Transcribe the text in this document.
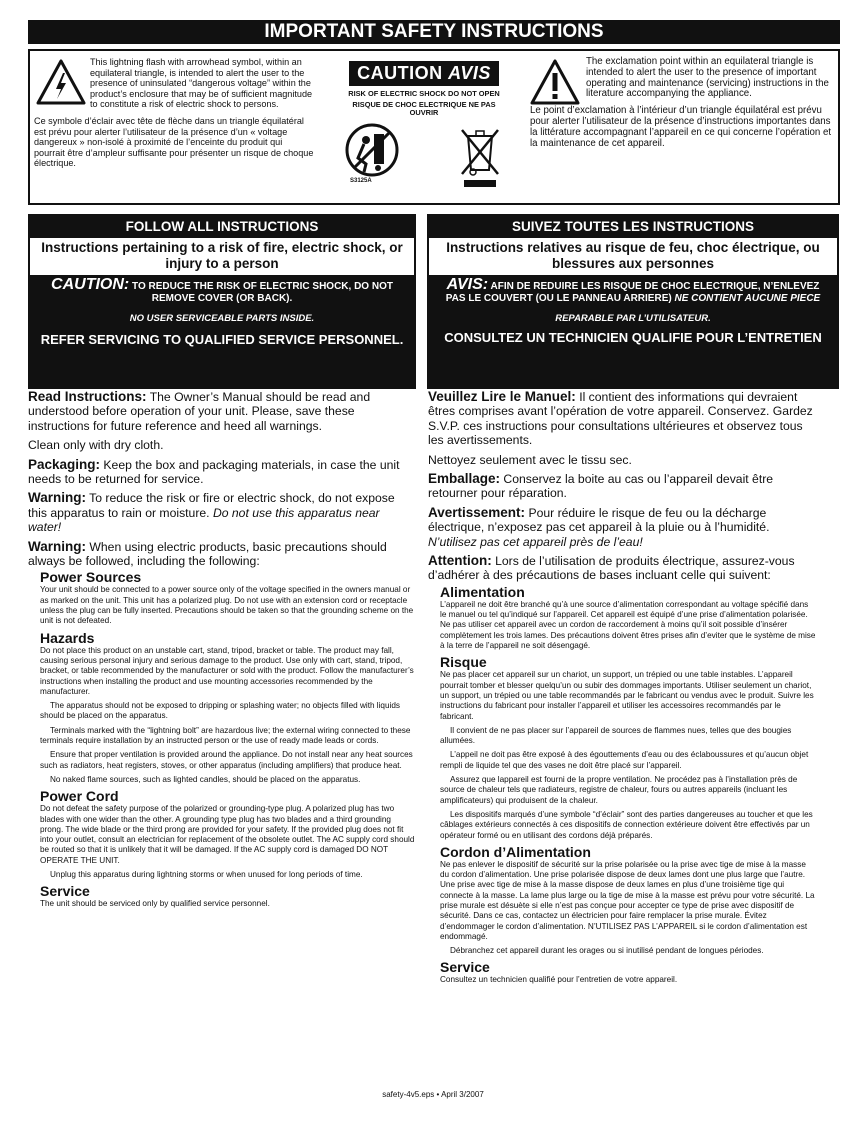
IMPORTANT SAFETY INSTRUCTIONS

This lightning flash with arrowhead symbol, within an equilateral triangle, is intended to alert the user to the presence of uninsulated “dangerous voltage” within the product’s enclosure that may be of sufficient magnitude to constitute a risk of electric shock to persons.

Ce symbole d’éclair avec tête de flèche dans un triangle équilatéral est prévu pour alerter l’utilisateur de la présence d’un « voltage dangereux » non-isolé à proximité de l’enceinte du produit qui pourrait être d’ampleur suffisante pour présenter un risque de choque électrique.

CAUTION AVIS
RISK OF ELECTRIC SHOCK DO NOT OPEN
RISQUE DE CHOC ELECTRIQUE NE PAS OUVRIR
S3125A

The exclamation point within an equilateral triangle is intended to alert the user to the presence of important operating and maintenance (servicing) instructions in the literature accompanying the appliance.

Le point d’exclamation à l’intérieur d’un triangle équilatéral est prévu pour alerter l’utilisateur de la présence d’instructions importantes dans la littérature accompagnant l’appareil en ce qui concerne l’opération et la maintenance de cet appareil.

FOLLOW ALL INSTRUCTIONS
Instructions pertaining to a risk of fire, electric shock, or injury to a person
CAUTION: TO REDUCE THE RISK OF ELECTRIC SHOCK, DO NOT REMOVE COVER (OR BACK).
NO USER SERVICEABLE PARTS INSIDE.
REFER SERVICING TO QUALIFIED SERVICE PERSONNEL.
SUIVEZ TOUTES LES INSTRUCTIONS
Instructions relatives au risque de feu, choc électrique, ou blessures aux personnes
AVIS: AFIN DE REDUIRE LES RISQUE DE CHOC ELECTRIQUE, N’ENLEVEZ PAS LE COUVERT (OU LE PANNEAU ARRIERE) NE CONTIENT AUCUNE PIECE
REPARABLE PAR L’UTILISATEUR.
CONSULTEZ UN TECHNICIEN QUALIFIE POUR L’ENTRETIEN

Read Instructions: The Owner’s Manual should be read and understood before operation of your unit. Please, save these instructions for future reference and heed all warnings.

Clean only with dry cloth.

Packaging: Keep the box and packaging materials, in case the unit needs to be returned for service.

Warning: To reduce the risk or fire or electric shock, do not expose this apparatus to rain or moisture. Do not use this apparatus near water!

Warning: When using electric products, basic precautions should always be followed, including the following:

Power Sources

Your unit should be connected to a power source only of the voltage specified in the owners manual or as marked on the unit. This unit has a polarized plug. Do not use with an extension cord or receptacle unless the plug can be fully inserted. Precautions should be taken so that the grounding scheme on the unit is not defeated.

Hazards

Do not place this product on an unstable cart, stand, tripod, bracket or table. The product may fall, causing serious personal injury and serious damage to the product. Use only with cart, stand, tripod, bracket, or table recommended by the manufacturer or sold with the product. Follow the manufacturer’s instructions when installing the product and use mounting accessories recommended by the manufacturer.

The apparatus should not be exposed to dripping or splashing water; no objects filled with liquids should be placed on the apparatus.

Terminals marked with the “lightning bolt” are hazardous live; the external wiring connected to these terminals require installation by an instructed person or the use of ready made leads or cords.

Ensure that proper ventilation is provided around the appliance. Do not install near any heat sources such as radiators, heat registers, stoves, or other apparatus (including amplifiers) that produce heat.

No naked flame sources, such as lighted candles, should be placed on the apparatus.

Power Cord

Do not defeat the safety purpose of the polarized or grounding-type plug. A polarized plug has two blades with one wider than the other. A grounding type plug has two blades and a third grounding prong. The wide blade or the third prong are provided for your safety. If the provided plug does not fit into your outlet, consult an electrician for replacement of the obsolete outlet. The AC supply cord should be routed so that it is unlikely that it will be damaged. If the AC supply cord is damaged DO NOT OPERATE THE UNIT.

Unplug this apparatus during lightning storms or when unused for long periods of time.

Service

The unit should be serviced only by qualified service personnel.

Veuillez Lire le Manuel: Il contient des informations qui devraient êtres comprises avant l’opération de votre appareil. Conservez. Gardez S.V.P. ces instructions pour consultations ultérieures et observez tous les avertissements.

Nettoyez seulement avec le tissu sec.

Emballage: Conservez la boite au cas ou l’appareil devait être retourner pour réparation.

Avertissement: Pour réduire le risque de feu ou la décharge électrique, n’exposez pas cet appareil à la pluie ou à l’humidité. N’utilisez pas cet appareil près de l’eau!

Attention: Lors de l’utilisation de produits électrique, assurez-vous d’adhérer à des précautions de bases incluant celle qui suivent:

Alimentation

L’appareil ne doit être branché qu’à une source d’alimentation correspondant au voltage spécifié dans le manuel ou tel qu’indiqué sur l’appareil. Cet appareil est équipé d’une prise d’alimentation polarisée. Ne pas utiliser cet appareil avec un cordon de raccordement à moins qu’il soit possible d’insérer complètement les trois lames. Des précautions doivent êtres prises afin d’eviter que le système de mise à la terre de l’appareil ne soit désengagé.

Risque

Ne pas placer cet appareil sur un chariot, un support, un trépied ou une table instables. L’appareil pourrait tomber et blesser quelqu’un ou subir des dommages importants. Utiliser seulement un chariot, un support, un trépied ou une table recommandés par le fabricant ou vendus avec le produit. Suivre les instructions du fabricant pour installer l’appareil et utiliser les accessoires recommandés par le fabricant.

Il convient de ne pas placer sur l’appareil de sources de flammes nues, telles que des bougies allumées.

L’appeil ne doit pas être exposé à des égouttements d’eau ou des éclaboussures et qu’aucun objet rempli de liquide tel que des vases ne doit être placé sur l’appareil.

Assurez que lappareil est fourni de la propre ventilation. Ne procédez pas à l’installation près de source de chaleur tels que radiateurs, registre de chaleur, fours ou autres appareils (incluant les amplificateurs) qui produisent de la chaleur.

Les dispositifs marqués d’une symbole “d’éclair” sont des parties dangereuses au toucher et que les câblages extérieurs connectés à ces dispositifs de connection extérieure doivent être effectivés par un opérateur formé ou en utilisant des cordons déjà préparés.

Cordon d’Alimentation

Ne pas enlever le dispositif de sécurité sur la prise polarisée ou la prise avec tige de mise à la masse du cordon d’alimentation. Une prise polarisée dispose de deux lames dont une plus large que l’autre. Une prise avec tige de mise à la masse dispose de deux lames en plus d’une troisième tige qui connecte à la masse. La lame plus large ou la tige de mise à la masse est prévu pour votre sécurité. La prise murale est désuète si elle n’est pas conçue pour accepter ce type de prise avec dispositif de sécurité. Dans ce cas, contactez un électricien pour faire remplacer la prise murale. Évitez d’endommager le cordon d’alimentation. N’UTILISEZ PAS L’APPAREIL si le cordon d’alimentation est endommagé.

Débranchez cet appareil durant les orages ou si inutilisé pendant de longues périodes.

Service

Consultez un technicien qualifié pour l’entretien de votre appareil.

safety-4v5.eps • April 3/2007
